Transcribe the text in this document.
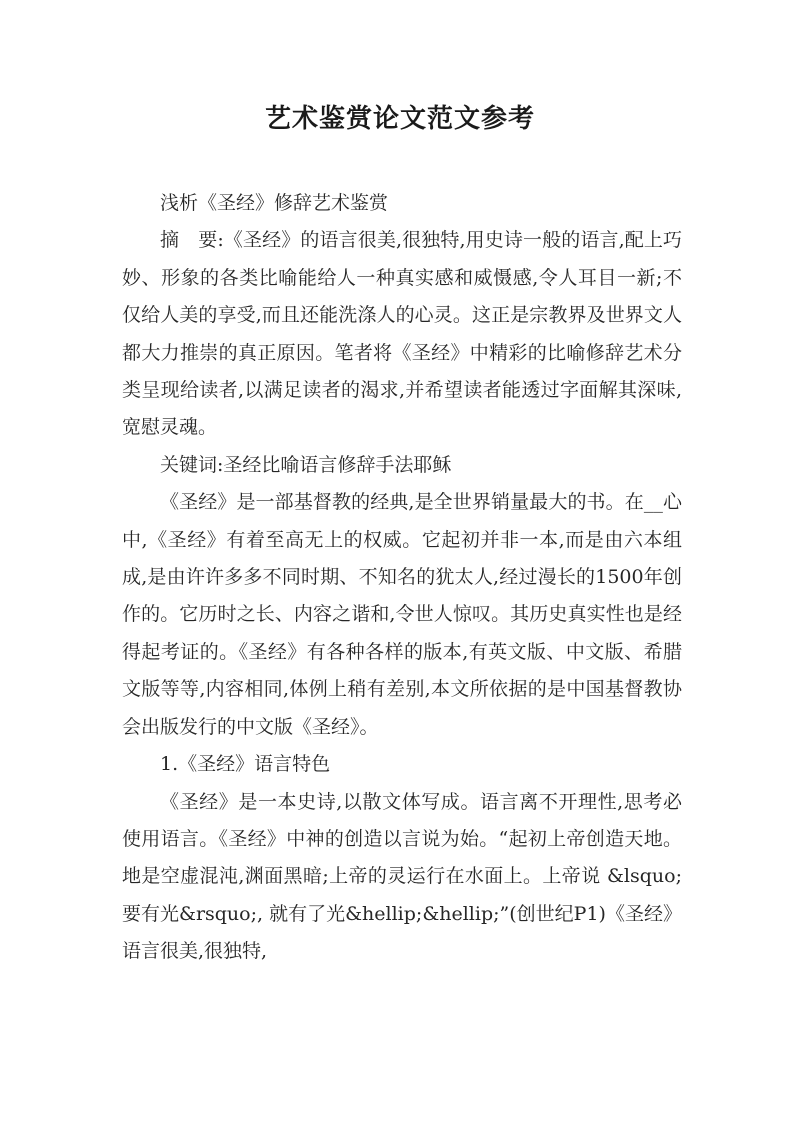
艺术鉴赏论文范文参考

浅析《圣经》修辞艺术鉴赏

摘　要:《圣经》的语言很美,很独特,用史诗一般的语言,配上巧妙、形象的各类比喻能给人一种真实感和威慑感,令人耳目一新;不仅给人美的享受,而且还能洗涤人的心灵。这正是宗教界及世界文人都大力推崇的真正原因。笔者将《圣经》中精彩的比喻修辞艺术分类呈现给读者,以满足读者的渴求,并希望读者能透过字面解其深味,宽慰灵魂。

关键词:圣经比喻语言修辞手法耶稣

《圣经》是一部基督教的经典,是全世界销量最大的书。在__心中,《圣经》有着至高无上的权威。它起初并非一本,而是由六本组成,是由许许多多不同时期、不知名的犹太人,经过漫长的1500年创作的。它历时之长、内容之谐和,令世人惊叹。其历史真实性也是经得起考证的。《圣经》有各种各样的版本,有英文版、中文版、希腊文版等等,内容相同,体例上稍有差别,本文所依据的是中国基督教协会出版发行的中文版《圣经》。

1.《圣经》语言特色

《圣经》是一本史诗,以散文体写成。语言离不开理性,思考必使用语言。《圣经》中神的创造以言说为始。“起初上帝创造天地。地是空虚混沌,渊面黑暗;上帝的灵运行在水面上。上帝说 &lsquo;要有光&rsquo;, 就有了光&hellip;&hellip;”(创世纪P1)《圣经》语言很美,很独特,
